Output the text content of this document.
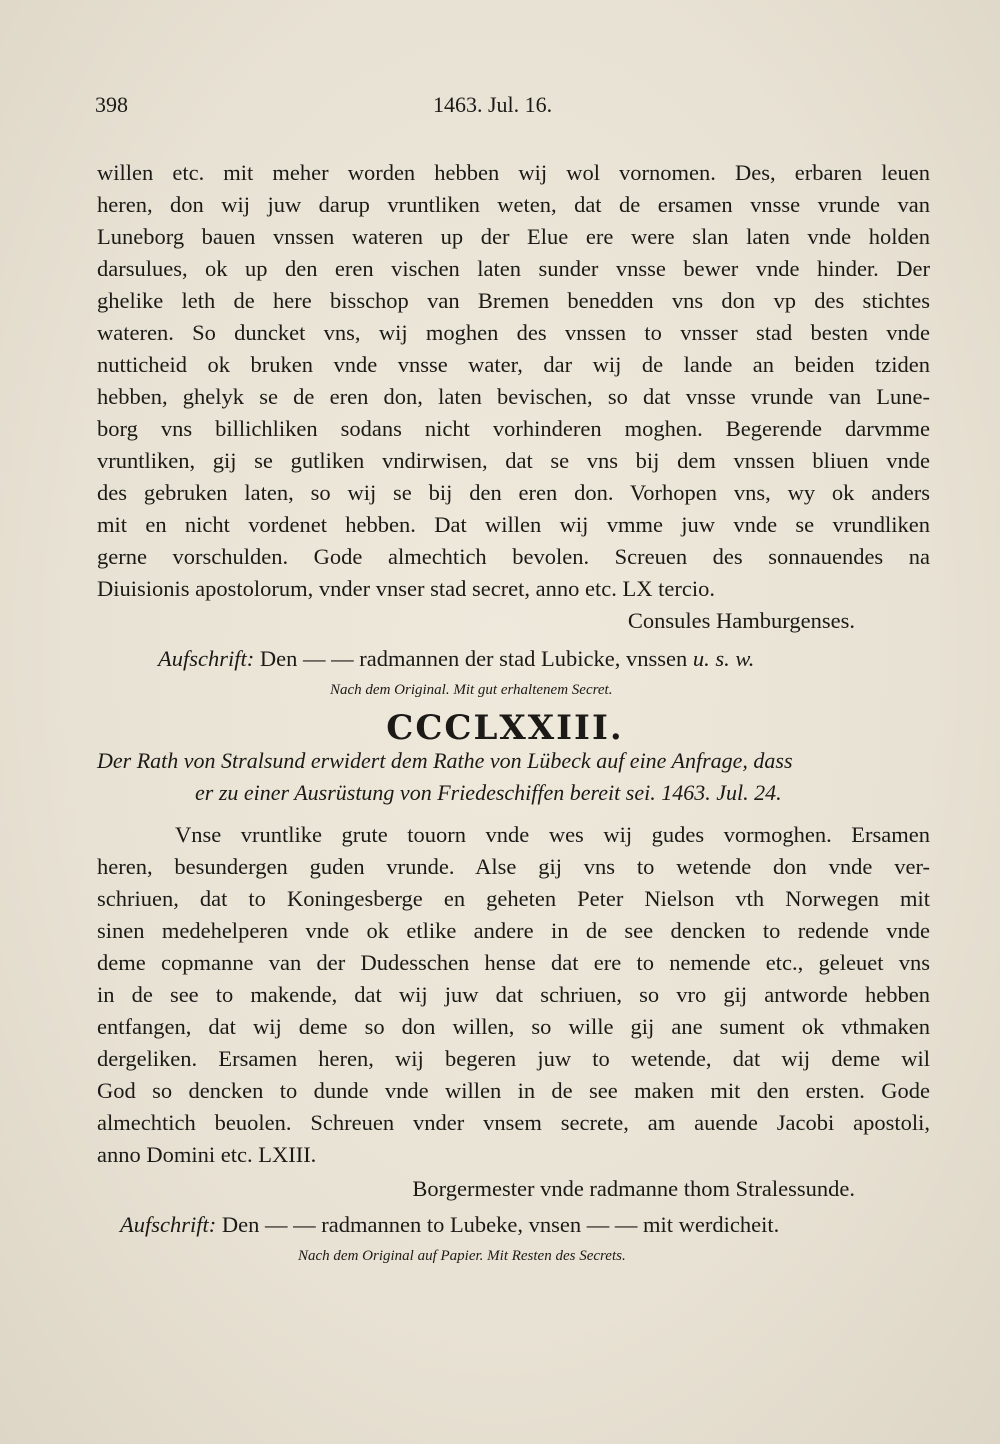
398	1463. Jul. 16.
willen etc. mit meher worden hebben wij wol vornomen. Des, erbaren leuen
heren, don wij juw darup vruntliken weten, dat de ersamen vnsse vrunde van
Luneborg bauen vnssen wateren up der Elue ere were slan laten vnde holden
darsulues, ok up den eren vischen laten sunder vnsse bewer vnde hinder. Der
ghelike leth de here bisschop van Bremen benedden vns don vp des stichtes
wateren. So duncket vns, wij moghen des vnssen to vnsser stad besten vnde
nutticheid ok bruken vnde vnsse water, dar wij de lande an beiden tziden
hebben, ghelyk se de eren don, laten bevischen, so dat vnsse vrunde van Lune-
borg vns billichliken sodans nicht vorhinderen moghen. Begerende darvmme
vruntliken, gij se gutliken vndirwisen, dat se vns bij dem vnssen bliuen vnde
des gebruken laten, so wij se bij den eren don. Vorhopen vns, wy ok anders
mit en nicht vordenet hebben. Dat willen wij vmme juw vnde se vrundliken
gerne vorschulden. Gode almechtich bevolen. Screuen des sonnauendes na
Diuisionis apostolorum, vnder vnser stad secret, anno etc. LX tercio.
Consules Hamburgenses.
Aufschrift: Den — — radmannen der stad Lubicke, vnssen u. s. w.
Nach dem Original. Mit gut erhaltenem Secret.
CCCLXXIII.
Der Rath von Stralsund erwidert dem Rathe von Lübeck auf eine Anfrage, dass
er zu einer Ausrüstung von Friedeschiffen bereit sei. 1463. Jul. 24.
Vnse vruntlike grute touorn vnde wes wij gudes vormoghen. Ersamen
heren, besundergen guden vrunde. Alse gij vns to wetende don vnde ver-
schriuen, dat to Koningesberge en geheten Peter Nielson vth Norwegen mit
sinen medehelperen vnde ok etlike andere in de see dencken to redende vnde
deme copmanne van der Dudesschen hense dat ere to nemende etc., geleuet vns
in de see to makende, dat wij juw dat schriuen, so vro gij antworde hebben
entfangen, dat wij deme so don willen, so wille gij ane sument ok vthmaken
dergeliken. Ersamen heren, wij begeren juw to wetende, dat wij deme wil
God so dencken to dunde vnde willen in de see maken mit den ersten. Gode
almechtich beuolen. Schreuen vnder vnsem secrete, am auende Jacobi apostoli,
anno Domini etc. LXIII.
Borgermester vnde radmanne thom Stralessunde.
Aufschrift: Den — — radmannen to Lubeke, vnsen — — mit werdicheit.
Nach dem Original auf Papier. Mit Resten des Secrets.
